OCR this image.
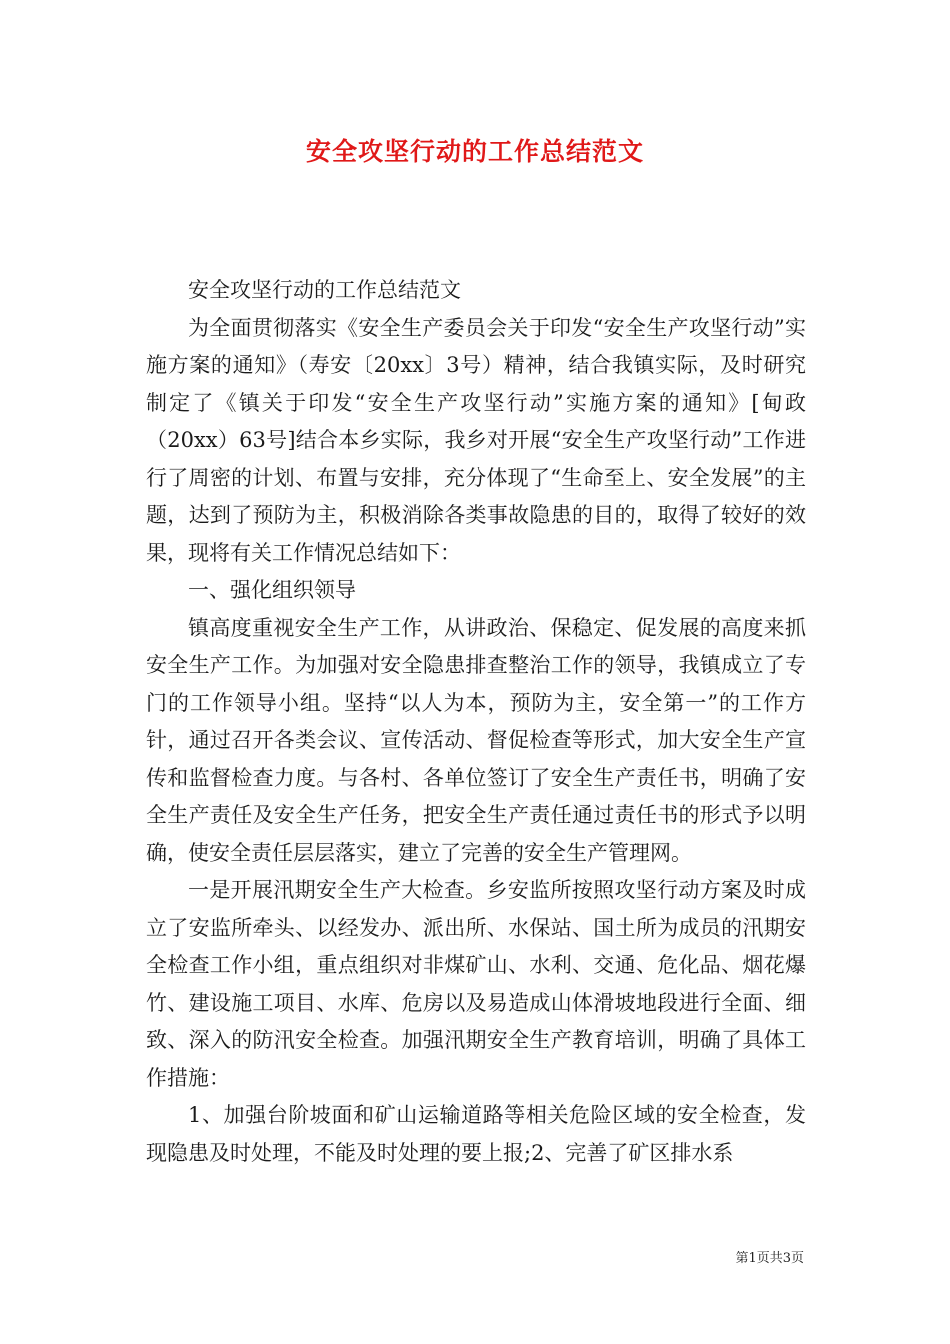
安全攻坚行动的工作总结范文

安全攻坚行动的工作总结范文

为全面贯彻落实《安全生产委员会关于印发“安全生产攻坚行动”实施方案的通知》（寿安〔20xx〕3号）精神，结合我镇实际，及时研究制定了《镇关于印发“安全生产攻坚行动”实施方案的通知》[甸政（20xx）63号]结合本乡实际，我乡对开展“安全生产攻坚行动”工作进行了周密的计划、布置与安排，充分体现了“生命至上、安全发展”的主题，达到了预防为主，积极消除各类事故隐患的目的，取得了较好的效果，现将有关工作情况总结如下：

一、强化组织领导

镇高度重视安全生产工作，从讲政治、保稳定、促发展的高度来抓安全生产工作。为加强对安全隐患排查整治工作的领导，我镇成立了专门的工作领导小组。坚持“以人为本，预防为主，安全第一”的工作方针，通过召开各类会议、宣传活动、督促检查等形式，加大安全生产宣传和监督检查力度。与各村、各单位签订了安全生产责任书，明确了安全生产责任及安全生产任务，把安全生产责任通过责任书的形式予以明确，使安全责任层层落实，建立了完善的安全生产管理网。

一是开展汛期安全生产大检查。乡安监所按照攻坚行动方案及时成立了安监所牵头、以经发办、派出所、水保站、国土所为成员的汛期安全检查工作小组，重点组织对非煤矿山、水利、交通、危化品、烟花爆竹、建设施工项目、水库、危房以及易造成山体滑坡地段进行全面、细致、深入的防汛安全检查。加强汛期安全生产教育培训，明确了具体工作措施：

1、加强台阶坡面和矿山运输道路等相关危险区域的安全检查，发现隐患及时处理，不能及时处理的要上报;2、完善了矿区排水系

第1页共3页
